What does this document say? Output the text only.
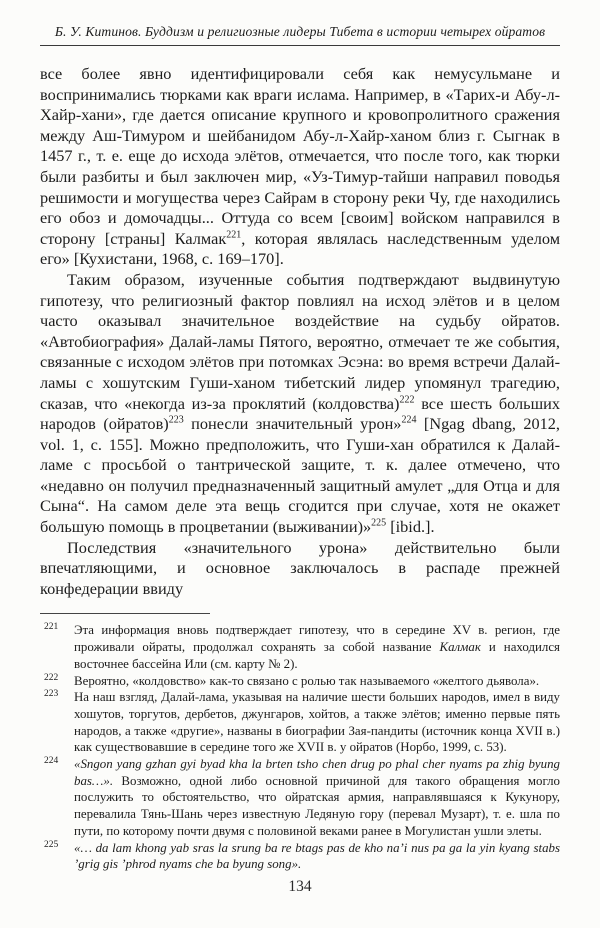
Б. У. Китинов. Буддизм и религиозные лидеры Тибета в истории четырех ойратов

все более явно идентифицировали себя как немусульмане и воспринимались тюрками как враги ислама. Например, в «Тарих-и Абу-л-Хайр-хани», где дается описание крупного и кровопролитного сражения между Аш-Тимуром и шейбанидом Абу-л-Хайр-ханом близ г. Сыгнак в 1457 г., т. е. еще до исхода элётов, отмечается, что после того, как тюрки были разбиты и был заключен мир, «Уз-Тимур-тайши направил поводья решимости и могущества через Сайрам в сторону реки Чу, где находились его обоз и домочадцы... Оттуда со всем [своим] войском направился в сторону [страны] Калмак$^{221}$, которая являлась наследственным уделом его» [Кухистани, 1968, с. 169–170].

Таким образом, изученные события подтверждают выдвинутую гипотезу, что религиозный фактор повлиял на исход элётов и в целом часто оказывал значительное воздействие на судьбу ойратов. «Автобиография» Далай-ламы Пятого, вероятно, отмечает те же события, связанные с исходом элётов при потомках Эсэна: во время встречи Далай-ламы с хошутским Гуши-ханом тибетский лидер упомянул трагедию, сказав, что «некогда из-за проклятий (колдовства)$^{222}$ все шесть больших народов (ойратов)$^{223}$ понесли значительный урон»$^{224}$ [Ngag dbang, 2012, vol. 1, с. 155]. Можно предположить, что Гуши-хан обратился к Далай-ламе с просьбой о тантрической защите, т. к. далее отмечено, что «недавно он получил предназначенный защитный амулет „для Отца и для Сына“. На самом деле эта вещь сгодится при случае, хотя не окажет большую помощь в процветании (выживании)»$^{225}$ [ibid.].

Последствия «значительного урона» действительно были впечатляющими, и основное заключалось в распаде прежней конфедерации ввиду

221	Эта информация вновь подтверждает гипотезу, что в середине XV в. регион, где проживали ойраты, продолжал сохранять за собой название Калмак и находился восточнее бассейна Или (см. карту № 2).
222	Вероятно, «колдовство» как-то связано с ролью так называемого «желтого дьявола».
223	На наш взгляд, Далай-лама, указывая на наличие шести больших народов, имел в виду хошутов, торгутов, дербетов, джунгаров, хойтов, а также элётов; именно первые пять народов, а также «другие», названы в биографии Зая-пандиты (источник конца XVII в.) как существовавшие в середине того же XVII в. у ойратов (Норбо, 1999, с. 53).
224	«Sngon yang gzhan gyi byad kha la brten tsho chen drug po phal cher nyams pa zhig byung bas…». Возможно, одной либо основной причиной для такого обращения могло послужить то обстоятельство, что ойратская армия, направлявшаяся к Кукунору, перевалила Тянь-Шань через известную Ледяную гору (перевал Музарт), т. е. шла по пути, по которому почти двумя с половиной веками ранее в Могулистан ушли элеты.
225	«… da lam khong yab sras la srung ba re btags pas de kho na’i nus pa ga la yin kyang stabs ’grig gis ’phrod nyams che ba byung song».
134
